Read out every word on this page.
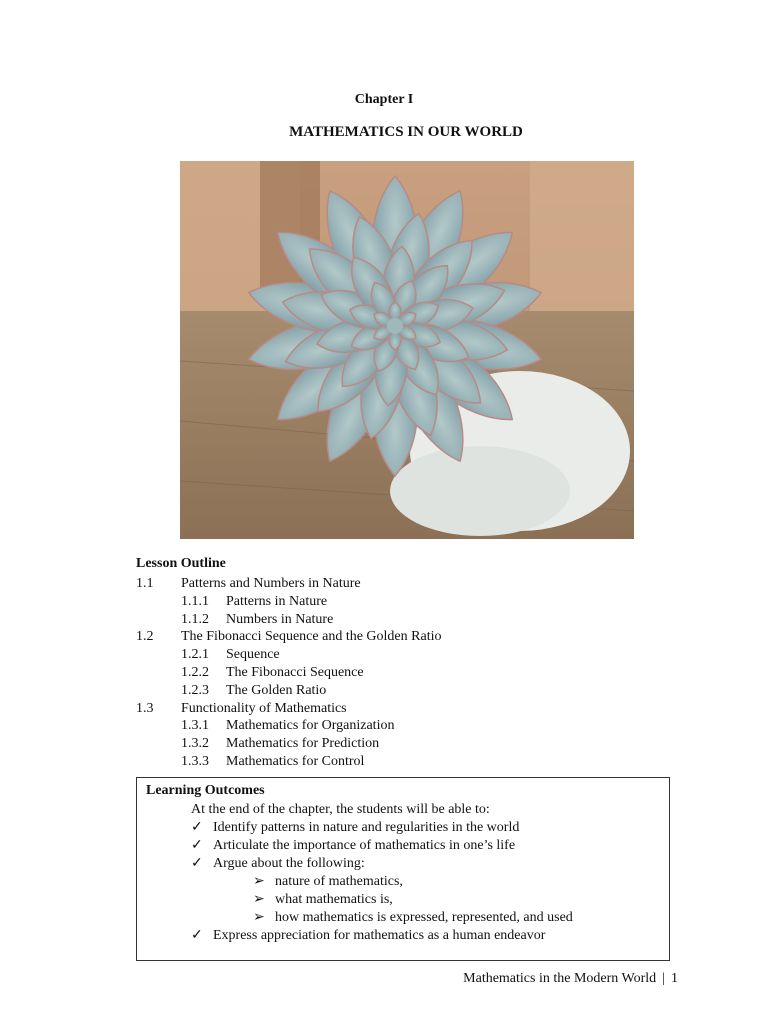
Chapter I
MATHEMATICS IN OUR WORLD
Lesson Outline
1.1 Patterns and Numbers in Nature
1.1.1 Patterns in Nature
1.1.2 Numbers in Nature
1.2 The Fibonacci Sequence and the Golden Ratio
1.2.1 Sequence
1.2.2 The Fibonacci Sequence
1.2.3 The Golden Ratio
1.3 Functionality of Mathematics
1.3.1 Mathematics for Organization
1.3.2 Mathematics for Prediction
1.3.3 Mathematics for Control
Learning Outcomes
At the end of the chapter, the students will be able to:
✓ Identify patterns in nature and regularities in the world
✓ Articulate the importance of mathematics in one’s life
✓ Argue about the following:
➢ nature of mathematics,
➢ what mathematics is,
➢ how mathematics is expressed, represented, and used
✓ Express appreciation for mathematics as a human endeavor
Mathematics in the Modern World | 1
